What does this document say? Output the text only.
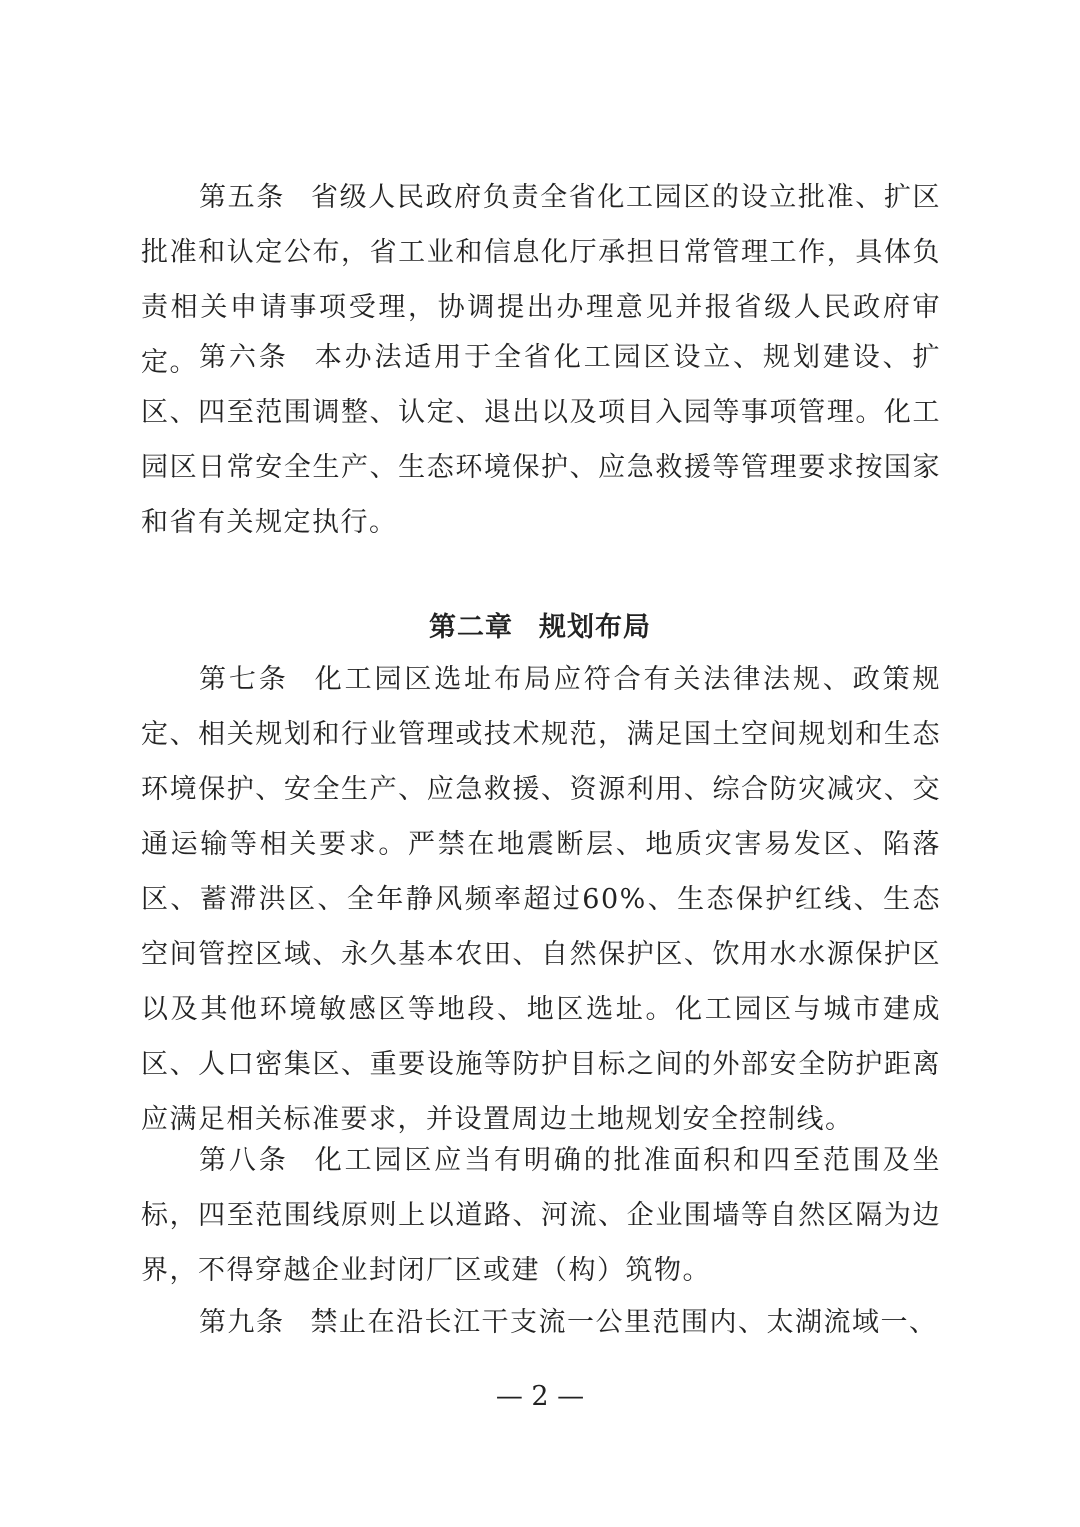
第五条 省级人民政府负责全省化工园区的设立批准、扩区批准和认定公布，省工业和信息化厅承担日常管理工作，具体负责相关申请事项受理，协调提出办理意见并报省级人民政府审定。 第六条 本办法适用于全省化工园区设立、规划建设、扩区、四至范围调整、认定、退出以及项目入园等事项管理。化工园区日常安全生产、生态环境保护、应急救援等管理要求按国家和省有关规定执行。

第二章 规划布局

第七条 化工园区选址布局应符合有关法律法规、政策规定、相关规划和行业管理或技术规范，满足国土空间规划和生态环境保护、安全生产、应急救援、资源利用、综合防灾减灾、交通运输等相关要求。严禁在地震断层、地质灾害易发区、陷落区、蓄滞洪区、全年静风频率超过60%、生态保护红线、生态空间管控区域、永久基本农田、自然保护区、饮用水水源保护区以及其他环境敏感区等地段、地区选址。化工园区与城市建成区、人口密集区、重要设施等防护目标之间的外部安全防护距离应满足相关标准要求，并设置周边土地规划安全控制线。

第八条 化工园区应当有明确的批准面积和四至范围及坐标，四至范围线原则上以道路、河流、企业围墙等自然区隔为边界，不得穿越企业封闭厂区或建（构）筑物。

第九条 禁止在沿长江干支流一公里范围内、太湖流域一、

— 2 —
